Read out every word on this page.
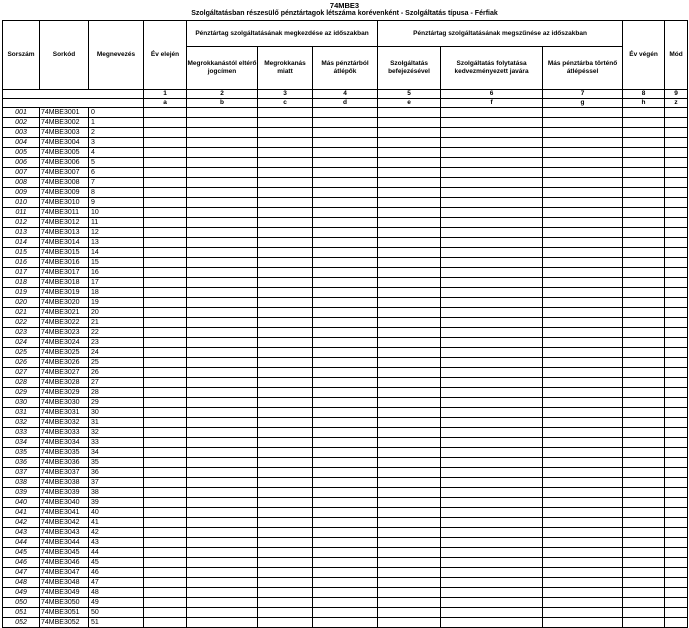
74MBE3
Szolgáltatásban részesülő pénztártagok létszáma korévenként - Szolgáltatás típusa - Férfiak
Sorszám	Sorkód	Megnevezés	Év elején	Pénztártag szolgáltatásának megkezdése az időszakban			Pénztártag szolgáltatásának megszűnése az időszakban			Év végén	Mód
				Megrokkanástól eltérő jogcímen	Megrokkanás miatt	Más pénztárból átlépők	Szolgáltatás befejezésével	Szolgáltatás folytatása kedvezményezett javára	Más pénztárba történő átlépéssel		
			1	2	3	4	5	6	7	8	9
			a	b	c	d	e	f	g	h	z
001	74MBE3001	0									
002	74MBE3002	1									
003	74MBE3003	2									
004	74MBE3004	3									
005	74MBE3005	4									
006	74MBE3006	5									
007	74MBE3007	6									
008	74MBE3008	7									
009	74MBE3009	8									
010	74MBE3010	9									
011	74MBE3011	10									
012	74MBE3012	11									
013	74MBE3013	12									
014	74MBE3014	13									
015	74MBE3015	14									
016	74MBE3016	15									
017	74MBE3017	16									
018	74MBE3018	17									
019	74MBE3019	18									
020	74MBE3020	19									
021	74MBE3021	20									
022	74MBE3022	21									
023	74MBE3023	22									
024	74MBE3024	23									
025	74MBE3025	24									
026	74MBE3026	25									
027	74MBE3027	26									
028	74MBE3028	27									
029	74MBE3029	28									
030	74MBE3030	29									
031	74MBE3031	30									
032	74MBE3032	31									
033	74MBE3033	32									
034	74MBE3034	33									
035	74MBE3035	34									
036	74MBE3036	35									
037	74MBE3037	36									
038	74MBE3038	37									
039	74MBE3039	38									
040	74MBE3040	39									
041	74MBE3041	40									
042	74MBE3042	41									
043	74MBE3043	42									
044	74MBE3044	43									
045	74MBE3045	44									
046	74MBE3046	45									
047	74MBE3047	46									
048	74MBE3048	47									
049	74MBE3049	48									
050	74MBE3050	49									
051	74MBE3051	50									
052	74MBE3052	51									
